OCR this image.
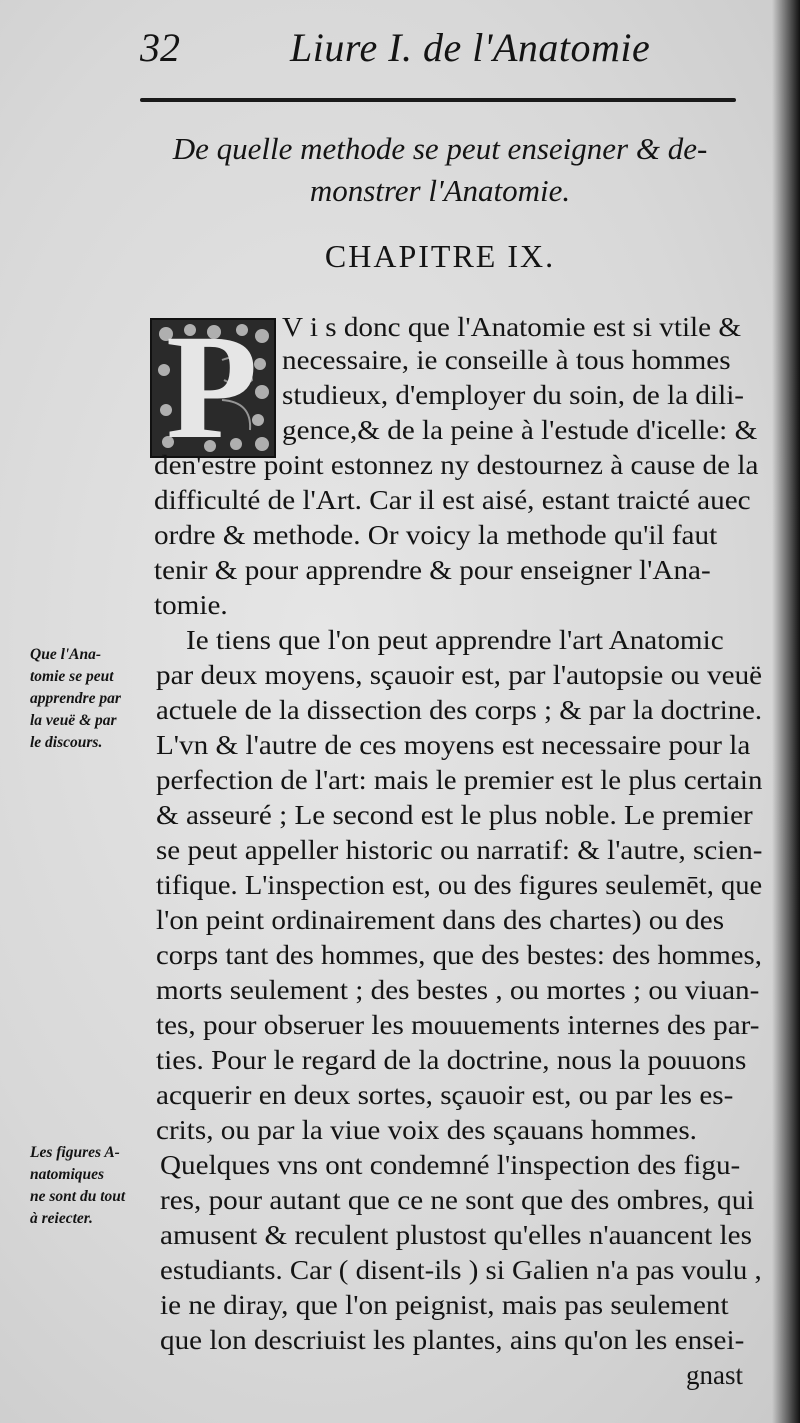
32	Liure I. de l'Anatomie
De quelle methode se peut enseigner & de-
monstrer l'Anatomie.
CHAPITRE IX.
P V i s donc que l'Anatomie est si vtile &
necessaire, ie conseille à tous hommes
studieux, d'employer du soin, de la dili-
gence,& de la peine à l'estude d'icelle: &
den'estre point estonnez ny destournez à cause de la
difficulté de l'Art. Car il est aisé, estant traicté auec
ordre & methode. Or voicy la methode qu'il faut
tenir & pour apprendre & pour enseigner l'Ana-
tomie.
Ie tiens que l'on peut apprendre l'art Anatomic
par deux moyens, sçauoir est, par l'autopsie ou veuë
actuele de la dissection des corps ; & par la doctrine.
L'vn & l'autre de ces moyens est necessaire pour la
perfection de l'art: mais le premier est le plus certain
& asseuré ; Le second est le plus noble. Le premier
se peut appeller historic ou narratif: & l'autre, scien-
tifique. L'inspection est, ou des figures seulemēt, que
l'on peint ordinairement dans des chartes) ou des
corps tant des hommes, que des bestes: des hommes,
morts seulement ; des bestes , ou mortes ; ou viuan-
tes, pour obseruer les mouuements internes des par-
ties. Pour le regard de la doctrine, nous la pouuons
acquerir en deux sortes, sçauoir est, ou par les es-
crits, ou par la viue voix des sçauans hommes.
Quelques vns ont condemné l'inspection des figu-
res, pour autant que ce ne sont que des ombres, qui
amusent & reculent plustost qu'elles n'auancent les
estudiants. Car ( disent-ils ) si Galien n'a pas voulu ,
ie ne diray, que l'on peignist, mais pas seulement
que lon descriuist les plantes, ains qu'on les ensei-
gnast
Que l'Ana-
tomie se peut
apprendre par
la veuë & par
le discours.
Les figures A-
natomiques
ne sont du tout
à reiecter.
